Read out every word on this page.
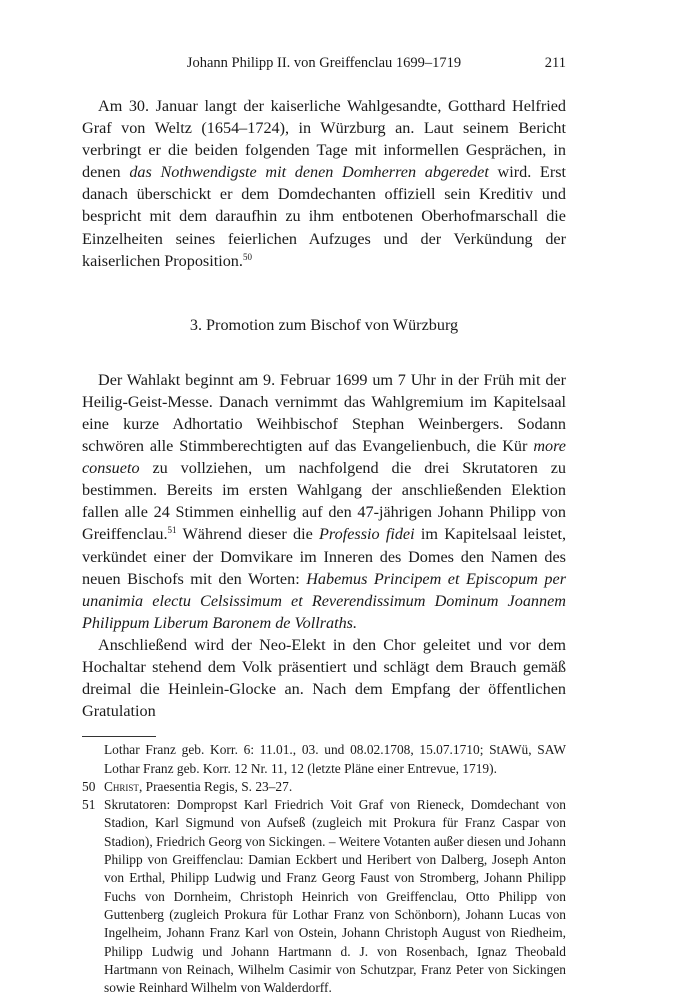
Johann Philipp II. von Greiffenclau 1699–1719	211

Am 30. Januar langt der kaiserliche Wahlgesandte, Gotthard Helfried Graf von Weltz (1654–1724), in Würzburg an. Laut seinem Bericht verbringt er die beiden folgenden Tage mit informellen Gesprächen, in denen das Nothwendigste mit denen Domherren abgeredet wird. Erst danach überschickt er dem Domdechanten offiziell sein Kreditiv und bespricht mit dem daraufhin zu ihm entbotenen Oberhofmarschall die Einzelheiten seines feierlichen Aufzuges und der Verkündung der kaiserlichen Proposition.$^{50}$

3. Promotion zum Bischof von Würzburg

Der Wahlakt beginnt am 9. Februar 1699 um 7 Uhr in der Früh mit der Heilig-Geist-Messe. Danach vernimmt das Wahlgremium im Kapitelsaal eine kurze Adhortatio Weihbischof Stephan Weinbergers. Sodann schwören alle Stimmberechtigten auf das Evangelienbuch, die Kür more consueto zu vollziehen, um nachfolgend die drei Skrutatoren zu bestimmen. Bereits im ersten Wahlgang der anschließenden Elektion fallen alle 24 Stimmen einhellig auf den 47-jährigen Johann Philipp von Greiffenclau.$^{51}$ Während dieser die Professio fidei im Kapitelsaal leistet, verkündet einer der Domvikare im Inneren des Domes den Namen des neuen Bischofs mit den Worten: Habemus Principem et Episcopum per unanimia electu Celsissimum et Reverendissimum Dominum Joannem Philippum Liberum Baronem de Vollraths.

Anschließend wird der Neo-Elekt in den Chor geleitet und vor dem Hochaltar stehend dem Volk präsentiert und schlägt dem Brauch gemäß dreimal die Heinlein-Glocke an. Nach dem Empfang der öffentlichen Gratulation

Lothar Franz geb. Korr. 6: 11.01., 03. und 08.02.1708, 15.07.1710; StAWü, SAW Lothar Franz geb. Korr. 12 Nr. 11, 12 (letzte Pläne einer Entrevue, 1719).
50 Christ, Praesentia Regis, S. 23–27.
51 Skrutatoren: Dompropst Karl Friedrich Voit Graf von Rieneck, Domdechant von Stadion, Karl Sigmund von Aufseß (zugleich mit Prokura für Franz Caspar von Stadion), Friedrich Georg von Sickingen. – Weitere Votanten außer diesen und Johann Philipp von Greiffenclau: Damian Eckbert und Heribert von Dalberg, Joseph Anton von Erthal, Philipp Ludwig und Franz Georg Faust von Stromberg, Johann Philipp Fuchs von Dornheim, Christoph Heinrich von Greiffenclau, Otto Philipp von Guttenberg (zugleich Prokura für Lothar Franz von Schönborn), Johann Lucas von Ingelheim, Johann Franz Karl von Ostein, Johann Christoph August von Riedheim, Philipp Ludwig und Johann Hartmann d. J. von Rosenbach, Ignaz Theobald Hartmann von Reinach, Wilhelm Casimir von Schutzpar, Franz Peter von Sickingen sowie Reinhard Wilhelm von Walderdorff.
